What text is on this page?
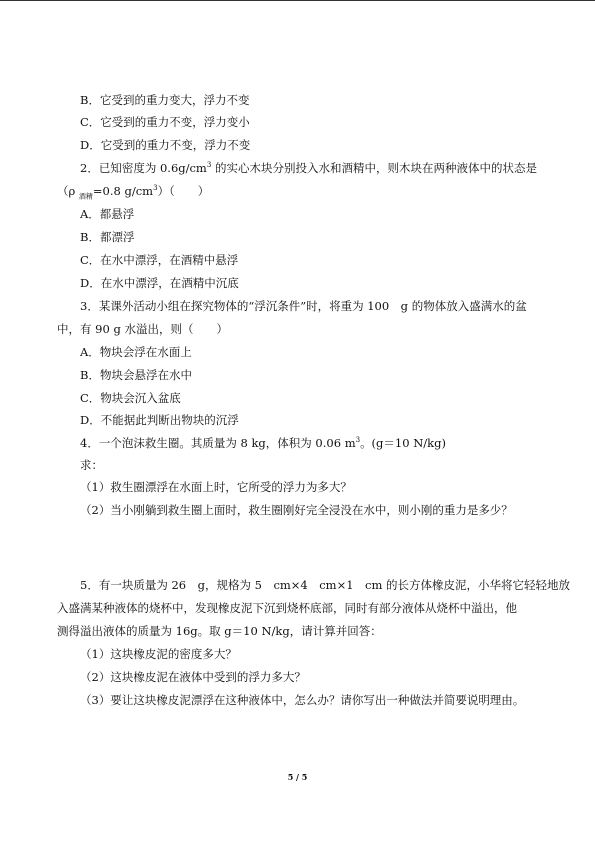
B．它受到的重力变大，浮力不变
C．它受到的重力不变，浮力变小
D．它受到的重力不变，浮力不变
2．已知密度为 $0.6g/cm^3$ 的实心木块分别投入水和酒精中，则木块在两种液体中的状态是
（ρ $_{酒精}$=0.8 $g/cm^3$）（　　）
A．都悬浮
B．都漂浮
C．在水中漂浮，在酒精中悬浮
D．在水中漂浮，在酒精中沉底
3．某课外活动小组在探究物体的“浮沉条件”时，将重为 100　g 的物体放入盛满水的盆
中，有 90 g 水溢出，则（　　）
A．物块会浮在水面上
B．物块会悬浮在水中
C．物块会沉入盆底
D．不能据此判断出物块的沉浮
4．一个泡沫救生圈。其质量为 8 kg，体积为 0.06 $m^3$。(g＝10 N/kg)
求：
（1）救生圈漂浮在水面上时，它所受的浮力为多大？
（2）当小刚躺到救生圈上面时，救生圈刚好完全浸没在水中，则小刚的重力是多少？
5．有一块质量为 26　g，规格为 5　cm×4　cm×1　cm 的长方体橡皮泥，小华将它轻轻地放
入盛满某种液体的烧杯中，发现橡皮泥下沉到烧杯底部，同时有部分液体从烧杯中溢出，他
测得溢出液体的质量为 16g。取 g＝10 N/kg，请计算并回答：
（1）这块橡皮泥的密度多大？
（2）这块橡皮泥在液体中受到的浮力多大？
（3）要让这块橡皮泥漂浮在这种液体中，怎么办？请你写出一种做法并简要说明理由。
5 / 5
